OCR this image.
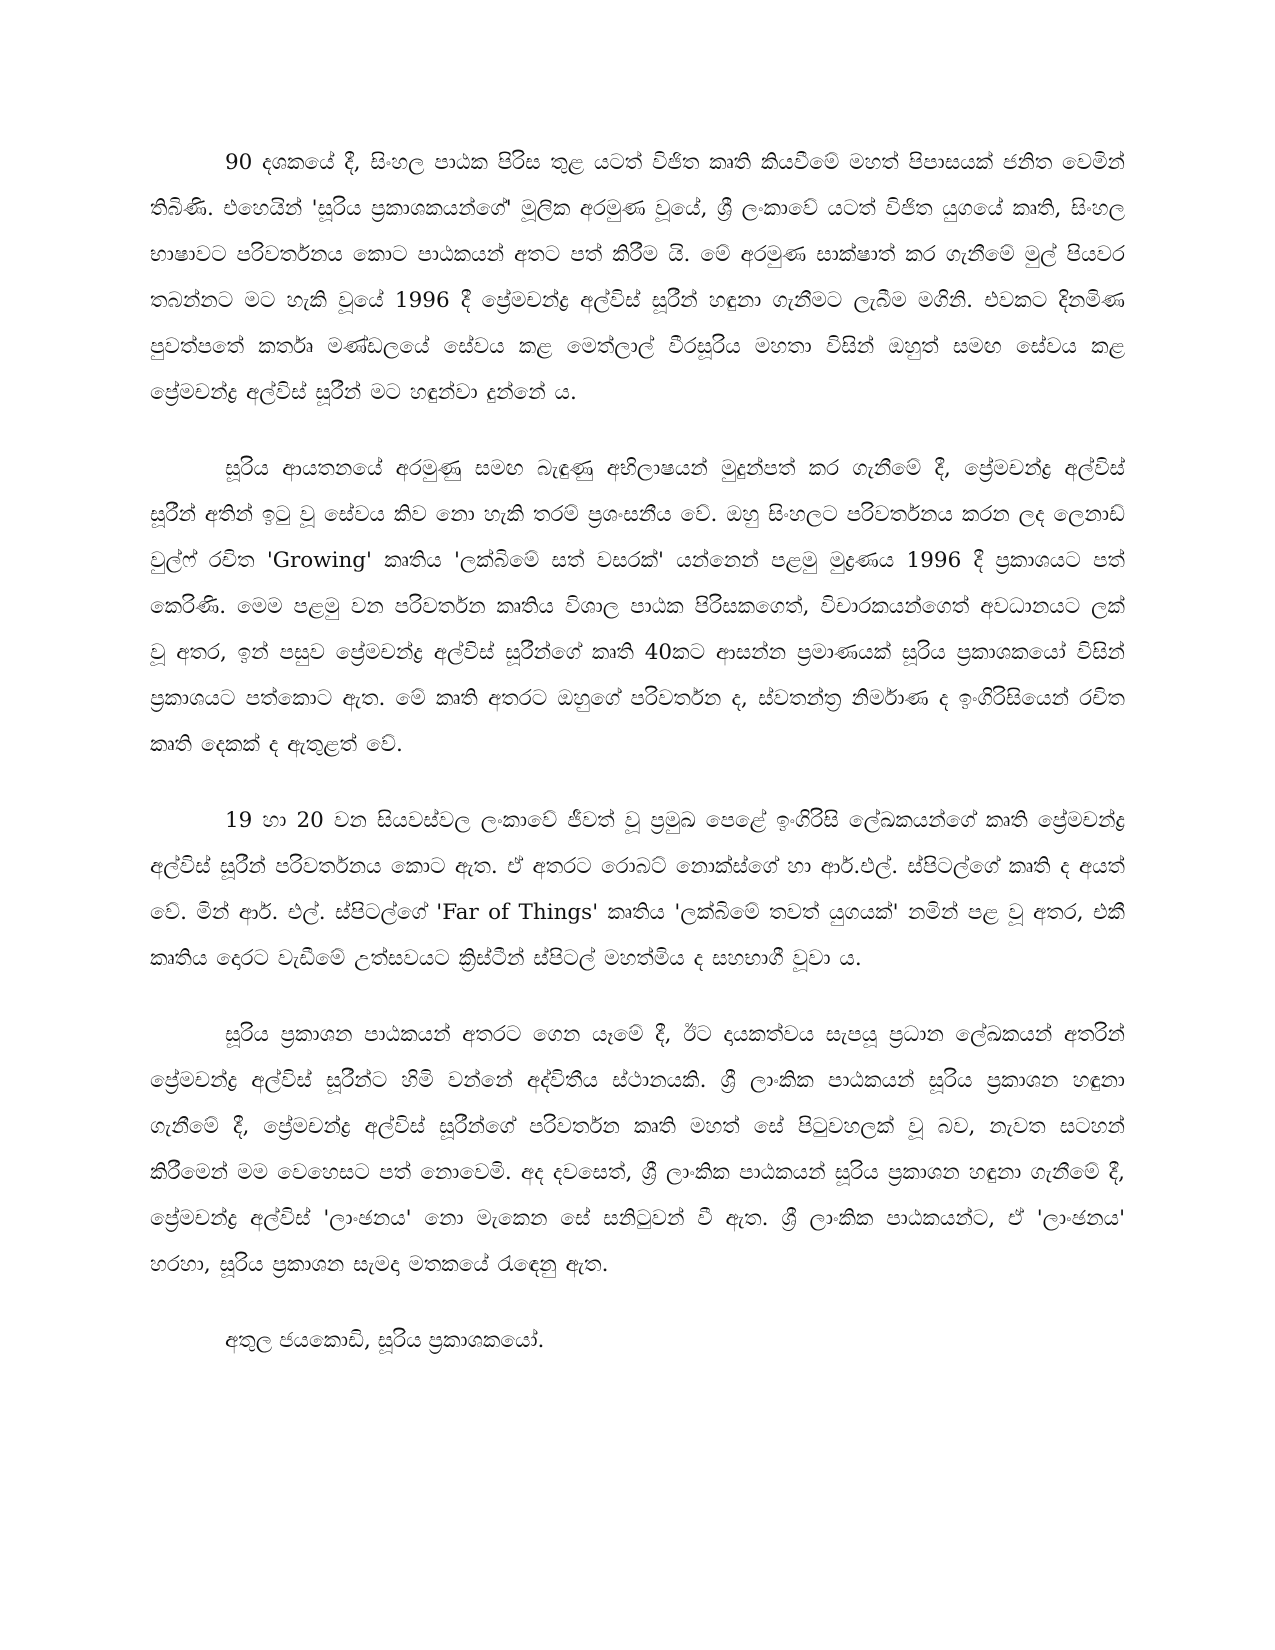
90 දශකයේ දී, සිංහල පාඨක පිරිස තුළ යටත් විජිත කෘති කියවීමේ මහත් පිපාසයක් ජනිත වෙමින් තිබිණි. එහෙයින් 'සූරිය ප්‍රකාශකයන්ගේ' මූලික අරමුණ වූයේ, ශ්‍රී ලංකාවේ යටත් විජිත යුගයේ කෘති, සිංහල භාෂාවට පරිවර්තනය කොට පාඨකයන් අතට පත් කිරීම යි. මේ අරමුණ සාක්ෂාත් කර ගැනීමේ මුල් පියවර තබන්නට මට හැකි වූයේ 1996 දී ප්‍රේමචන්ද්‍ර අල්විස් සූරීන් හඳුනා ගැනීමට ලැබීම මගිනි. එවකට දිනමිණ පුවත්පතේ කර්තෘ මණ්ඩලයේ සේවය කළ මෙත්ලාල් වීරසූරිය මහතා විසින් ඔහුත් සමඟ සේවය කළ ප්‍රේමචන්ද්‍ර අල්විස් සූරීන් මට හඳුන්වා දුන්නේ ය.

සූරිය ආයතනයේ අරමුණු සමඟ බැඳුණු අභිලාෂයන් මුදුන්පත් කර ගැනීමේ දී, ප්‍රේමචන්ද්‍ර අල්විස් සූරීන් අතින් ඉටු වූ සේවය කිව නො හැකි තරම් ප්‍රශංසනීය වේ. ඔහු සිංහලට පරිවර්තනය කරන ලද ලෙනාඩ් වුල්ෆ් රචිත 'Growing' කෘතිය 'ලක්බිමේ සත් වසරක්' යන්නෙන් පළමු මුද්‍රණය 1996 දී ප්‍රකාශයට පත් කෙරිණි. මෙම පළමු වන පරිවර්තන කෘතිය විශාල පාඨක පිරිසකගෙත්, විචාරකයන්ගෙත් අවධානයට ලක් වූ අතර, ඉන් පසුව ප්‍රේමචන්ද්‍ර අල්විස් සූරීන්ගේ කෘති 40කට ආසන්න ප්‍රමාණයක් සූරිය ප්‍රකාශකයෝ විසින් ප්‍රකාශයට පත්කොට ඇත. මේ කෘති අතරට ඔහුගේ පරිවර්තන ද, ස්වතන්ත්‍ර නිර්මාණ ද ඉංගිරිසියෙන් රචිත කෘති දෙකක් ද ඇතුළත් වේ.

19 හා 20 වන සියවස්වල ලංකාවේ ජීවත් වූ ප්‍රමුඛ පෙළේ ඉංගිරිසි ලේඛකයන්ගේ කෘති ප්‍රේමචන්ද්‍ර අල්විස් සූරීන් පරිවර්තනය කොට ඇත. ඒ අතරට රොබට් නොක්ස්ගේ හා ආර්.එල්. ස්පිටල්ගේ කෘති ද අයත් වේ. මින් ආර්. එල්. ස්පිටල්ගේ 'Far of Things' කෘතිය 'ලක්බිමේ තවත් යුගයක්' නමින් පළ වූ අතර, එකී කෘතිය දොරට වැඩීමේ උත්සවයට ක්‍රිස්ටීන් ස්පිටල් මහත්මිය ද සහභාගී වූවා ය.

සූරිය ප්‍රකාශන පාඨකයන් අතරට ගෙන යෑමේ දී, ඊට දායකත්වය සැපයූ ප්‍රධාන ලේඛකයන් අතරින් ප්‍රේමචන්ද්‍ර අල්විස් සූරීන්ට හිමි වන්නේ අද්විතීය ස්ථානයකි. ශ්‍රී ලාංකික පාඨකයන් සූරිය ප්‍රකාශන හඳුනා ගැනීමේ දී, ප්‍රේමචන්ද්‍ර අල්විස් සූරීන්ගේ පරිවර්තන කෘති මහත් සේ පිටුවහලක් වූ බව, නැවත සටහන් කිරීමෙන් මම වෙහෙසට පත් නොවෙමි. අද දවසෙත්, ශ්‍රී ලාංකික පාඨකයන් සූරිය ප්‍රකාශන හඳුනා ගැනීමේ දී, ප්‍රේමචන්ද්‍ර අල්විස් 'ලාංඡනය' නො මැකෙන සේ සනිටුවන් වී ඇත. ශ්‍රී ලාංකික පාඨකයන්ට, ඒ 'ලාංඡනය' හරහා, සූරිය ප්‍රකාශන සැමදා මතකයේ රැඳෙනු ඇත.

අතුල ජයකොඩි, සූරිය ප්‍රකාශකයෝ.
